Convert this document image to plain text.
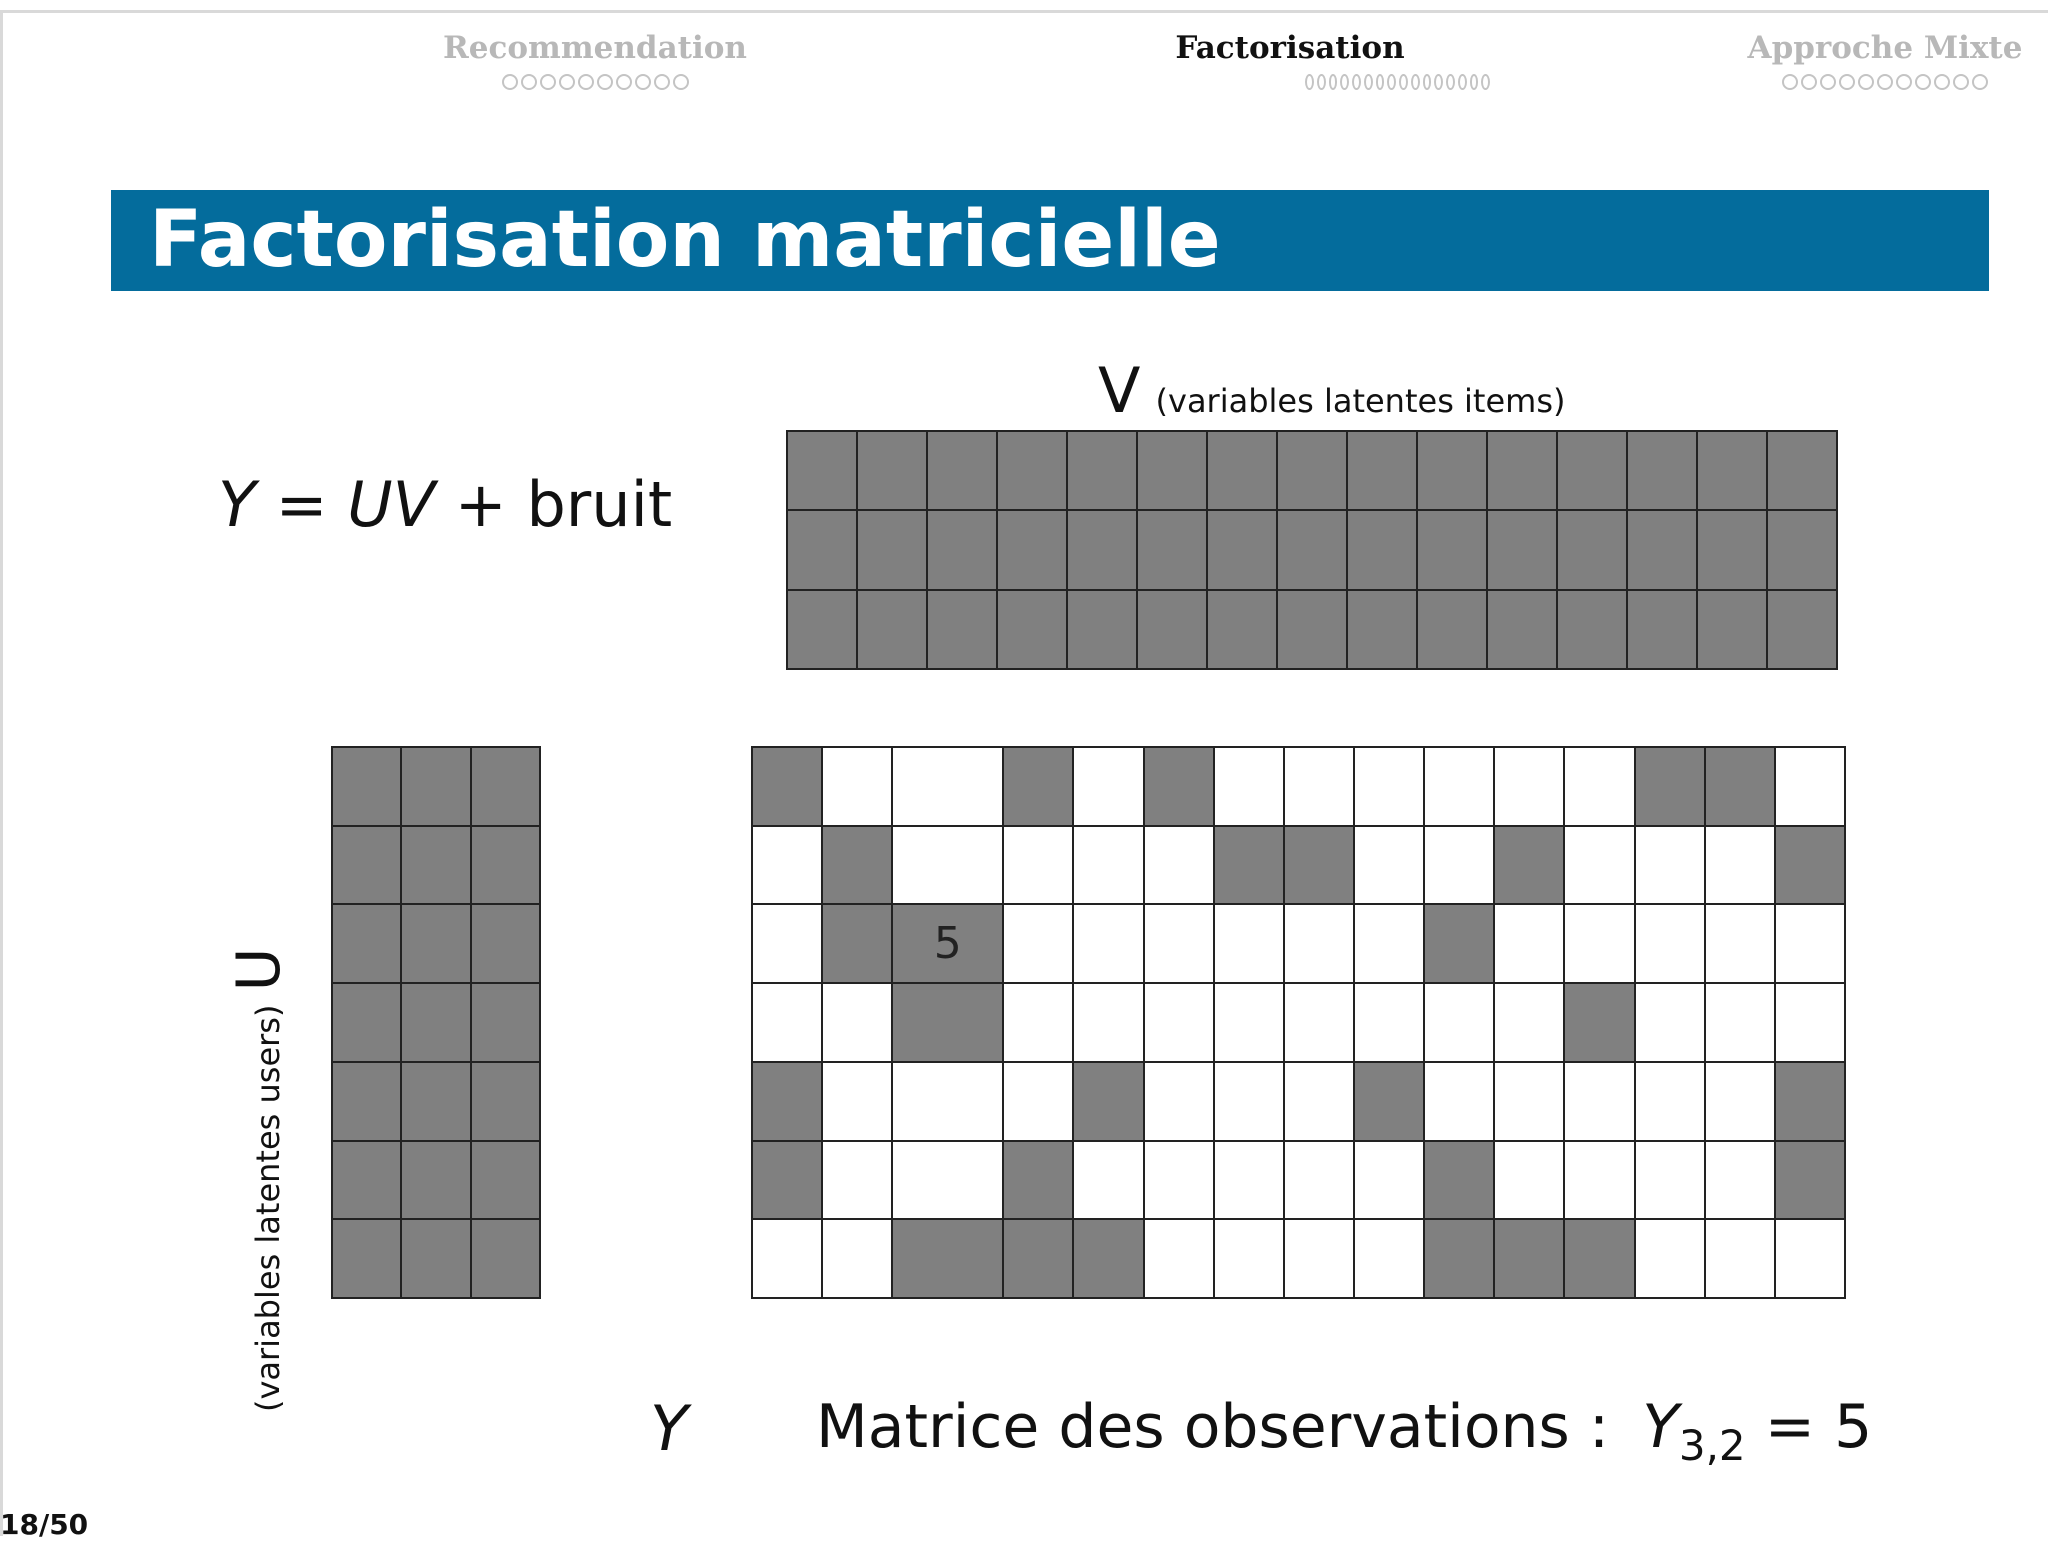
Recommendation	Factorisation	Approche Mixte
Factorisation matricielle
Y = UV + bruit
V (variables latentes items)
(variables latentes users) U
5
Y Matrice des observations : $Y_{3,2} = 5$
18/50
